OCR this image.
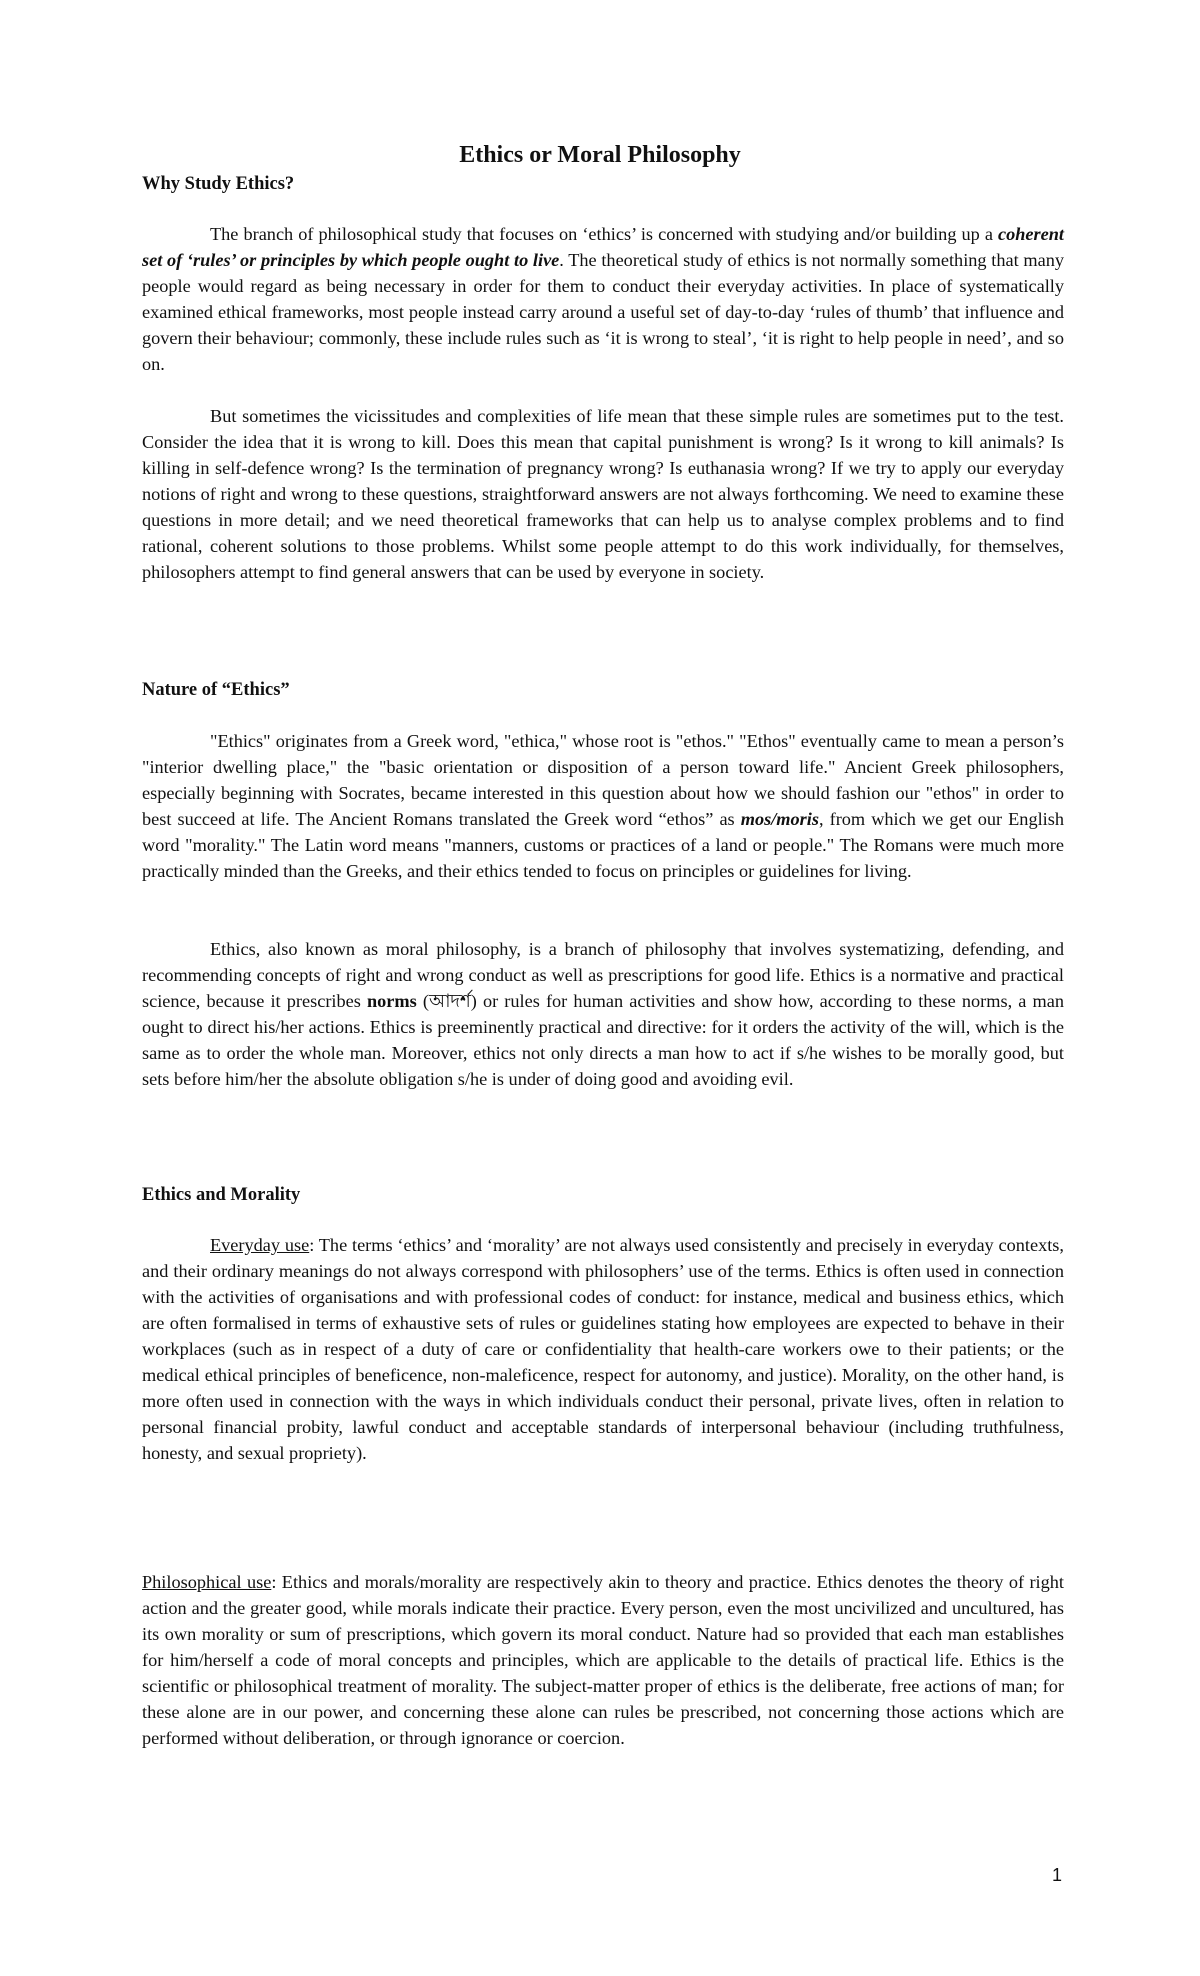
Ethics or Moral Philosophy
Why Study Ethics?

The branch of philosophical study that focuses on ‘ethics’ is concerned with studying and/or building up a coherent set of ‘rules’ or principles by which people ought to live. The theoretical study of ethics is not normally something that many people would regard as being necessary in order for them to conduct their everyday activities. In place of systematically examined ethical frameworks, most people instead carry around a useful set of day-to-day ‘rules of thumb’ that influence and govern their behaviour; commonly, these include rules such as ‘it is wrong to steal’, ‘it is right to help people in need’, and so on.

But sometimes the vicissitudes and complexities of life mean that these simple rules are sometimes put to the test. Consider the idea that it is wrong to kill. Does this mean that capital punishment is wrong? Is it wrong to kill animals? Is killing in self-defence wrong? Is the termination of pregnancy wrong? Is euthanasia wrong? If we try to apply our everyday notions of right and wrong to these questions, straightforward answers are not always forthcoming. We need to examine these questions in more detail; and we need theoretical frameworks that can help us to analyse complex problems and to find rational, coherent solutions to those problems. Whilst some people attempt to do this work individually, for themselves, philosophers attempt to find general answers that can be used by everyone in society.

Nature of “Ethics”

"Ethics" originates from a Greek word, "ethica," whose root is "ethos." "Ethos" eventually came to mean a person’s "interior dwelling place," the "basic orientation or disposition of a person toward life." Ancient Greek philosophers, especially beginning with Socrates, became interested in this question about how we should fashion our "ethos" in order to best succeed at life. The Ancient Romans translated the Greek word “ethos” as mos/moris, from which we get our English word "morality." The Latin word means "manners, customs or practices of a land or people." The Romans were much more practically minded than the Greeks, and their ethics tended to focus on principles or guidelines for living.

Ethics, also known as moral philosophy, is a branch of philosophy that involves systematizing, defending, and recommending concepts of right and wrong conduct as well as prescriptions for good life. Ethics is a normative and practical science, because it prescribes norms (আদর্শ) or rules for human activities and show how, according to these norms, a man ought to direct his/her actions. Ethics is preeminently practical and directive: for it orders the activity of the will, which is the same as to order the whole man. Moreover, ethics not only directs a man how to act if s/he wishes to be morally good, but sets before him/her the absolute obligation s/he is under of doing good and avoiding evil.

Ethics and Morality

Everyday use: The terms ‘ethics’ and ‘morality’ are not always used consistently and precisely in everyday contexts, and their ordinary meanings do not always correspond with philosophers’ use of the terms. Ethics is often used in connection with the activities of organisations and with professional codes of conduct: for instance, medical and business ethics, which are often formalised in terms of exhaustive sets of rules or guidelines stating how employees are expected to behave in their workplaces (such as in respect of a duty of care or confidentiality that health-care workers owe to their patients; or the medical ethical principles of beneficence, non-maleficence, respect for autonomy, and justice). Morality, on the other hand, is more often used in connection with the ways in which individuals conduct their personal, private lives, often in relation to personal financial probity, lawful conduct and acceptable standards of interpersonal behaviour (including truthfulness, honesty, and sexual propriety).

Philosophical use: Ethics and morals/morality are respectively akin to theory and practice. Ethics denotes the theory of right action and the greater good, while morals indicate their practice. Every person, even the most uncivilized and uncultured, has its own morality or sum of prescriptions, which govern its moral conduct. Nature had so provided that each man establishes for him/herself a code of moral concepts and principles, which are applicable to the details of practical life. Ethics is the scientific or philosophical treatment of morality. The subject-matter proper of ethics is the deliberate, free actions of man; for these alone are in our power, and concerning these alone can rules be prescribed, not concerning those actions which are performed without deliberation, or through ignorance or coercion.

1
